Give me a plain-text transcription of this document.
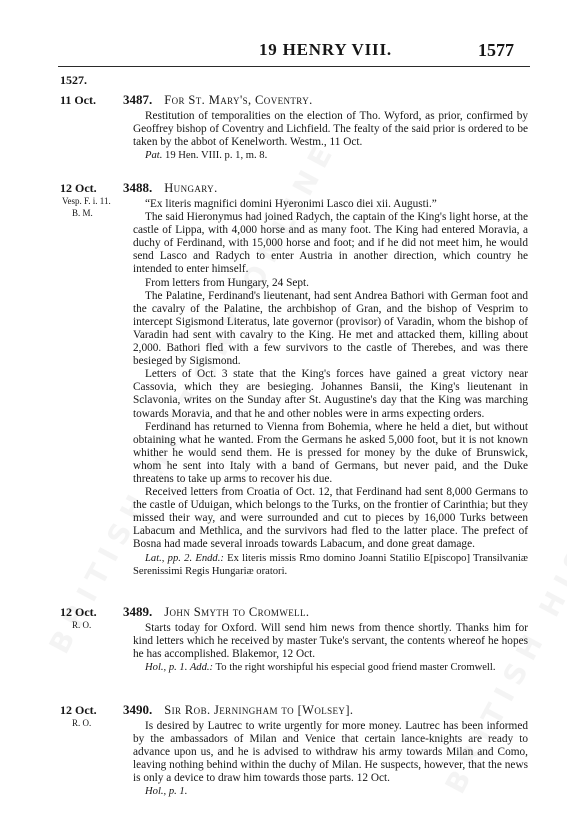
19 HENRY VIII.	1577
1527.
11 Oct.	3487. For St. Mary's, Coventry.

Restitution of temporalities on the election of Tho. Wyford, as prior, confirmed by Geoffrey bishop of Coventry and Lichfield. The fealty of the said prior is ordered to be taken by the abbot of Kenelworth. Westm., 11 Oct.

Pat. 19 Hen. VIII. p. 1, m. 8.

12 Oct.
Vesp. F. i. 11.
B. M.
3488. Hungary.

“Ex literis magnifici domini Hyeronimi Lasco diei xii. Augusti.”

The said Hieronymus had joined Radych, the captain of the King's light horse, at the castle of Lippa, with 4,000 horse and as many foot. The King had entered Moravia, a duchy of Ferdinand, with 15,000 horse and foot; and if he did not meet him, he would send Lasco and Radych to enter Austria in another direction, which country he intended to enter himself.

From letters from Hungary, 24 Sept.

The Palatine, Ferdinand's lieutenant, had sent Andrea Bathori with German foot and the cavalry of the Palatine, the archbishop of Gran, and the bishop of Vesprim to intercept Sigismond Literatus, late governor (provisor) of Varadin, whom the bishop of Varadin had sent with cavalry to the King. He met and attacked them, killing about 2,000. Bathori fled with a few survivors to the castle of Therebes, and was there besieged by Sigismond.

Letters of Oct. 3 state that the King's forces have gained a great victory near Cassovia, which they are besieging. Johannes Bansii, the King's lieutenant in Sclavonia, writes on the Sunday after St. Augustine's day that the King was marching towards Moravia, and that he and other nobles were in arms expecting orders.

Ferdinand has returned to Vienna from Bohemia, where he held a diet, but without obtaining what he wanted. From the Germans he asked 5,000 foot, but it is not known whither he would send them. He is pressed for money by the duke of Brunswick, whom he sent into Italy with a band of Germans, but never paid, and the Duke threatens to take up arms to recover his due.

Received letters from Croatia of Oct. 12, that Ferdinand had sent 8,000 Germans to the castle of Uduigan, which belongs to the Turks, on the frontier of Carinthia; but they missed their way, and were surrounded and cut to pieces by 16,000 Turks between Labacum and Methlica, and the survivors had fled to the latter place. The prefect of Bosna had made several inroads towards Labacum, and done great damage.

Lat., pp. 2. Endd.: Ex literis missis Rmo domino Joanni Statilio E[piscopo] Transilvaniæ Serenissimi Regis Hungariæ oratori.

12 Oct.
R. O.
3489. John Smyth to Cromwell.

Starts today for Oxford. Will send him news from thence shortly. Thanks him for kind letters which he received by master Tuke's servant, the contents whereof he hopes he has accomplished. Blakemor, 12 Oct.

Hol., p. 1. Add.: To the right worshipful his especial good friend master Cromwell.

12 Oct.
R. O.
3490. Sir Rob. Jerningham to [Wolsey].

Is desired by Lautrec to write urgently for more money. Lautrec has been informed by the ambassadors of Milan and Venice that certain lance-knights are ready to advance upon us, and he is advised to withdraw his army towards Milan and Como, leaving nothing behind within the duchy of Milan. He suspects, however, that the news is only a device to draw him towards those parts. 12 Oct.

Hol., p. 1.
